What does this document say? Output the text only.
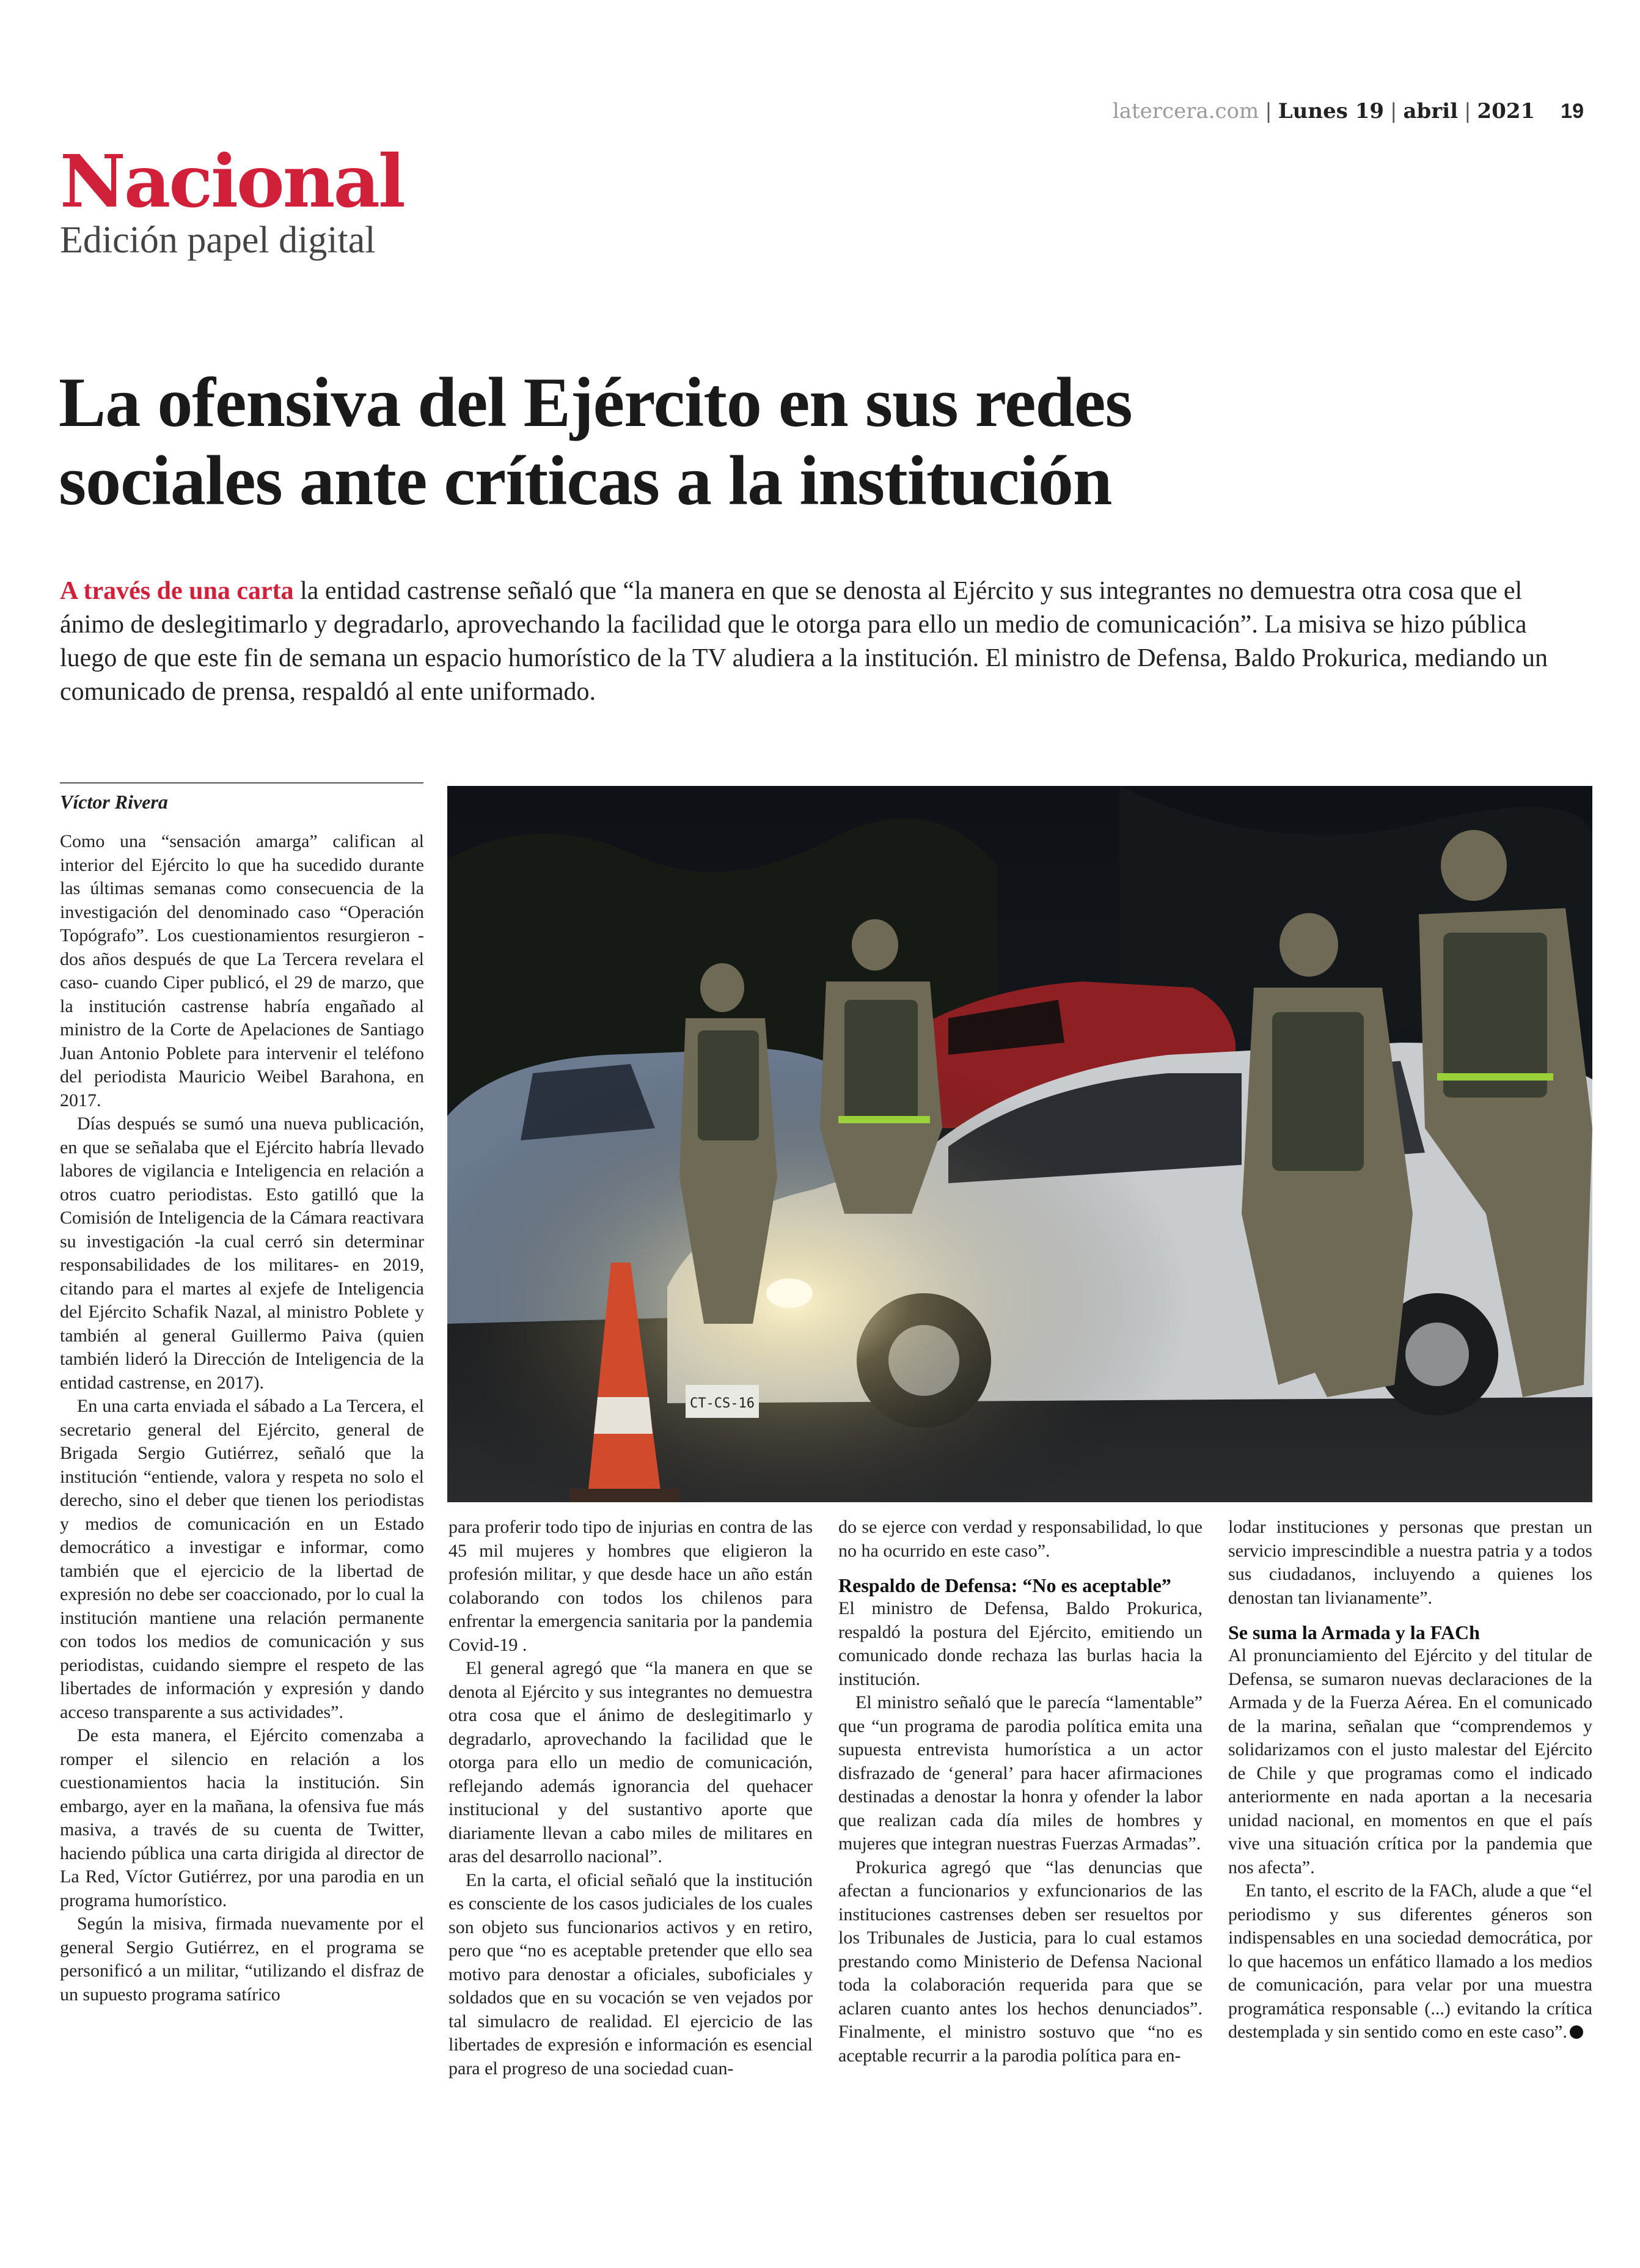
latercera.com | Lunes 19 | abril | 2021 19
Nacional
Edición papel digital
La ofensiva del Ejército en sus redes
sociales ante críticas a la institución

A través de una carta la entidad castrense señaló que “la manera en que se denosta al Ejército y sus integrantes no demuestra otra cosa que el ánimo de deslegitimarlo y degradarlo, aprovechando la facilidad que le otorga para ello un medio de comunicación”. La misiva se hizo pública luego de que este fin de semana un espacio humorístico de la TV aludiera a la institución. El ministro de Defensa, Baldo Prokurica, mediando un comunicado de prensa, respaldó al ente uniformado.

Víctor Rivera
CT-CS-16

Como una “sensación amarga” califican al interior del Ejército lo que ha sucedido durante las últimas semanas como consecuencia de la investigación del denominado caso “Operación Topógrafo”. Los cuestionamientos resurgieron -dos años después de que La Tercera revelara el caso- cuando Ciper publicó, el 29 de marzo, que la institución castrense habría engañado al ministro de la Corte de Apelaciones de Santiago Juan Antonio Poblete para intervenir el teléfono del periodista Mauricio Weibel Barahona, en 2017.

Días después se sumó una nueva publicación, en que se señalaba que el Ejército habría llevado labores de vigilancia e Inteligencia en relación a otros cuatro periodistas. Esto gatilló que la Comisión de Inteligencia de la Cámara reactivara su investigación -la cual cerró sin determinar responsabilidades de los militares- en 2019, citando para el martes al exjefe de Inteligencia del Ejército Schafik Nazal, al ministro Poblete y también al general Guillermo Paiva (quien también lideró la Dirección de Inteligencia de la entidad castrense, en 2017).

En una carta enviada el sábado a La Tercera, el secretario general del Ejército, general de Brigada Sergio Gutiérrez, señaló que la institución “entiende, valora y respeta no solo el derecho, sino el deber que tienen los periodistas y medios de comunicación en un Estado democrático a investigar e informar, como también que el ejercicio de la libertad de expresión no debe ser coaccionado, por lo cual la institución mantiene una relación permanente con todos los medios de comunicación y sus periodistas, cuidando siempre el respeto de las libertades de información y expresión y dando acceso transparente a sus actividades”.

De esta manera, el Ejército comenzaba a romper el silencio en relación a los cuestionamientos hacia la institución. Sin embargo, ayer en la mañana, la ofensiva fue más masiva, a través de su cuenta de Twitter, haciendo pública una carta dirigida al director de La Red, Víctor Gutiérrez, por una parodia en un programa humorístico.

Según la misiva, firmada nuevamente por el general Sergio Gutiérrez, en el programa se personificó a un militar, “utilizando el disfraz de un supuesto programa satírico

para proferir todo tipo de injurias en contra de las 45 mil mujeres y hombres que eligieron la profesión militar, y que desde hace un año están colaborando con todos los chilenos para enfrentar la emergencia sanitaria por la pandemia Covid-19 .

El general agregó que “la manera en que se denota al Ejército y sus integrantes no demuestra otra cosa que el ánimo de deslegitimarlo y degradarlo, aprovechando la facilidad que le otorga para ello un medio de comunicación, reflejando además ignorancia del quehacer institucional y del sustantivo aporte que diariamente llevan a cabo miles de militares en aras del desarrollo nacional”.

En la carta, el oficial señaló que la institución es consciente de los casos judiciales de los cuales son objeto sus funcionarios activos y en retiro, pero que “no es aceptable pretender que ello sea motivo para denostar a oficiales, suboficiales y soldados que en su vocación se ven vejados por tal simulacro de realidad. El ejercicio de las libertades de expresión e información es esencial para el progreso de una sociedad cuan-

do se ejerce con verdad y responsabilidad, lo que no ha ocurrido en este caso”.

Respaldo de Defensa: “No es aceptable”

El ministro de Defensa, Baldo Prokurica, respaldó la postura del Ejército, emitiendo un comunicado donde rechaza las burlas hacia la institución.

El ministro señaló que le parecía “lamentable” que “un programa de parodia política emita una supuesta entrevista humorística a un actor disfrazado de ‘general’ para hacer afirmaciones destinadas a denostar la honra y ofender la labor que realizan cada día miles de hombres y mujeres que integran nuestras Fuerzas Armadas”.

Prokurica agregó que “las denuncias que afectan a funcionarios y exfuncionarios de las instituciones castrenses deben ser resueltos por los Tribunales de Justicia, para lo cual estamos prestando como Ministerio de Defensa Nacional toda la colaboración requerida para que se aclaren cuanto antes los hechos denunciados”. Finalmente, el ministro sostuvo que “no es aceptable recurrir a la parodia política para en-

lodar instituciones y personas que prestan un servicio imprescindible a nuestra patria y a todos sus ciudadanos, incluyendo a quienes los denostan tan livianamente”.

Se suma la Armada y la FACh

Al pronunciamiento del Ejército y del titular de Defensa, se sumaron nuevas declaraciones de la Armada y de la Fuerza Aérea. En el comunicado de la marina, señalan que “comprendemos y solidarizamos con el justo malestar del Ejército de Chile y que programas como el indicado anteriormente en nada aportan a la necesaria unidad nacional, en momentos en que el país vive una situación crítica por la pandemia que nos afecta”.

En tanto, el escrito de la FACh, alude a que “el periodismo y sus diferentes géneros son indispensables en una sociedad democrática, por lo que hacemos un enfático llamado a los medios de comunicación, para velar por una muestra programática responsable (...) evitando la crítica destemplada y sin sentido como en este caso”.
